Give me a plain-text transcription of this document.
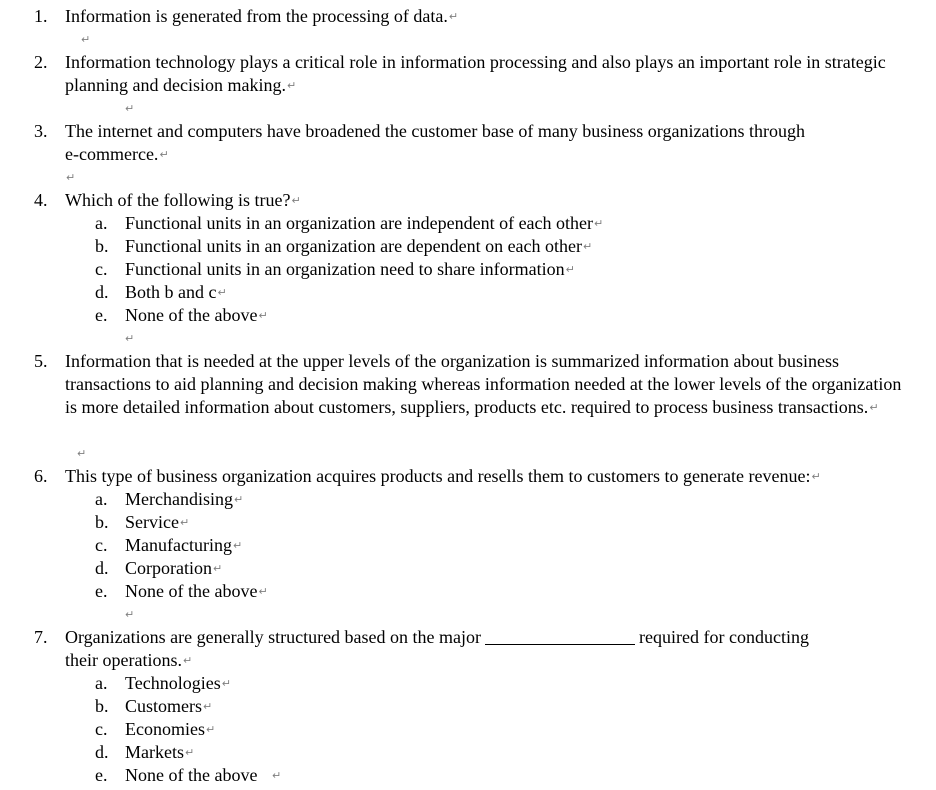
1. Information is generated from the processing of data.↵
↵
2. Information technology plays a critical role in information processing and also plays an important role in strategic planning and decision making.↵
↵
3. The internet and computers have broadened the customer base of many business organizations through
e-commerce.↵
↵
4. Which of the following is true?↵
a. Functional units in an organization are independent of each other↵
b. Functional units in an organization are dependent on each other↵
c. Functional units in an organization need to share information↵
d. Both b and c↵
e. None of the above↵
↵
5. Information that is needed at the upper levels of the organization is summarized information about business transactions to aid planning and decision making whereas information needed at the lower levels of the organization is more detailed information about customers, suppliers, products etc. required to process business transactions.↵
↵
6. This type of business organization acquires products and resells them to customers to generate revenue:↵
a. Merchandising↵
b. Service↵
c. Manufacturing↵
d. Corporation↵
e. None of the above↵
↵
7. Organizations are generally structured based on the major	required for conducting
their operations.↵
a. Technologies↵
b. Customers↵
c. Economies↵
d. Markets↵
e. None of the above ↵
